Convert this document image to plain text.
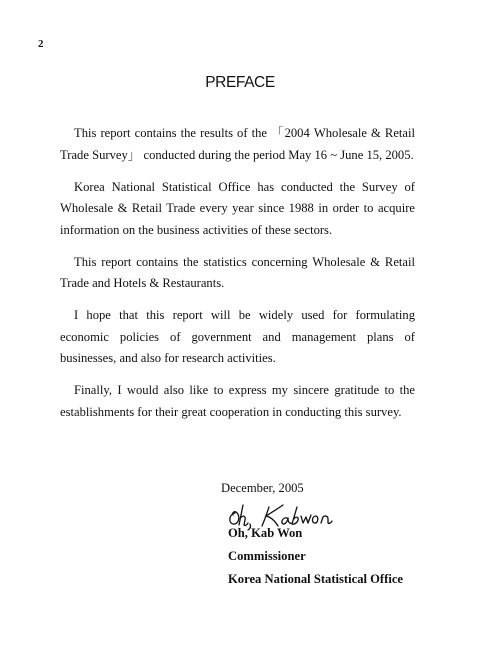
2
PREFACE

This report contains the results of the 「2004 Wholesale & Retail Trade Survey」 conducted during the period May 16 ~ June 15, 2005.

Korea National Statistical Office has conducted the Survey of Wholesale & Retail Trade every year since 1988 in order to acquire information on the business activities of these sectors.

This report contains the statistics concerning Wholesale & Retail Trade and Hotels & Restaurants.

I hope that this report will be widely used for formulating economic policies of government and management plans of businesses, and also for research activities.

Finally, I would also like to express my sincere gratitude to the establishments for their great cooperation in conducting this survey.

December, 2005
Oh, Kabwon
Oh, Kab Won
Commissioner
Korea National Statistical Office
